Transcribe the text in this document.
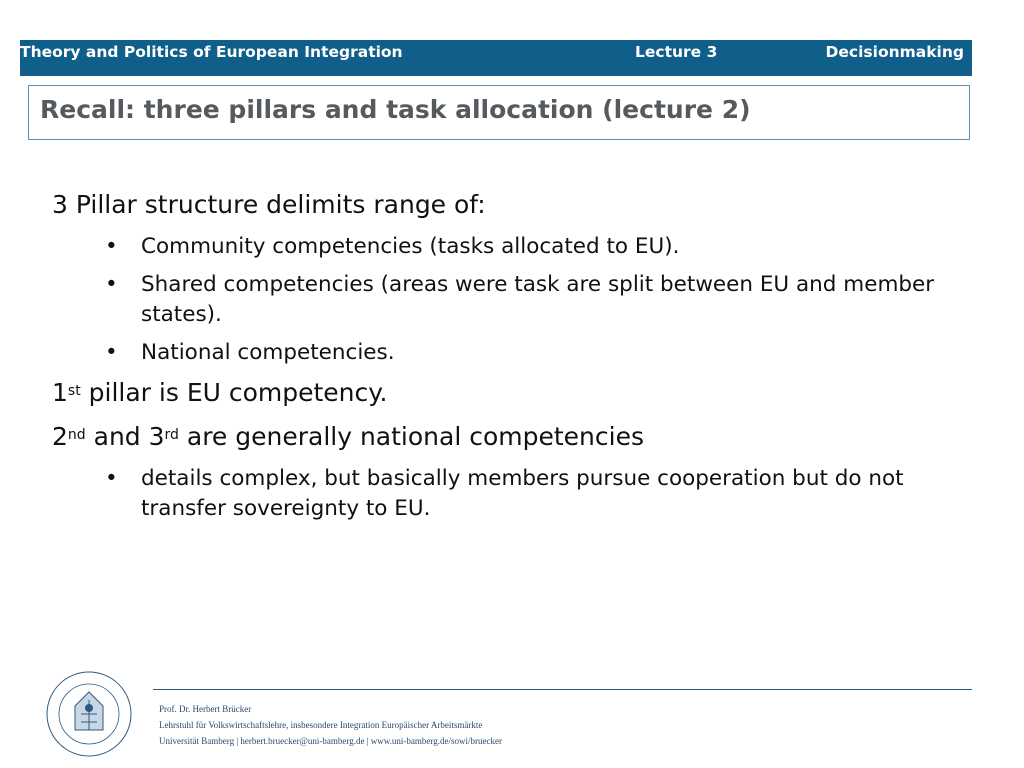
Theory and Politics of European Integration	Lecture 3	Decisionmaking
Recall: three pillars and task allocation (lecture 2)

3 Pillar structure delimits range of:

• Community competencies (tasks allocated to EU).
• Shared competencies (areas were task are split between EU and member states).
• National competencies.

1st pillar is EU competency.

2nd and 3rd are generally national competencies

• details complex, but basically members pursue cooperation but do not transfer sovereignty to EU.
Prof. Dr. Herbert Brücker
Lehrstuhl für Volkswirtschaftslehre, insbesondere Integration Europäischer Arbeitsmärkte
Universität Bamberg | herbert.bruecker@uni-bamberg.de | www.uni-bamberg.de/sowi/bruecker
